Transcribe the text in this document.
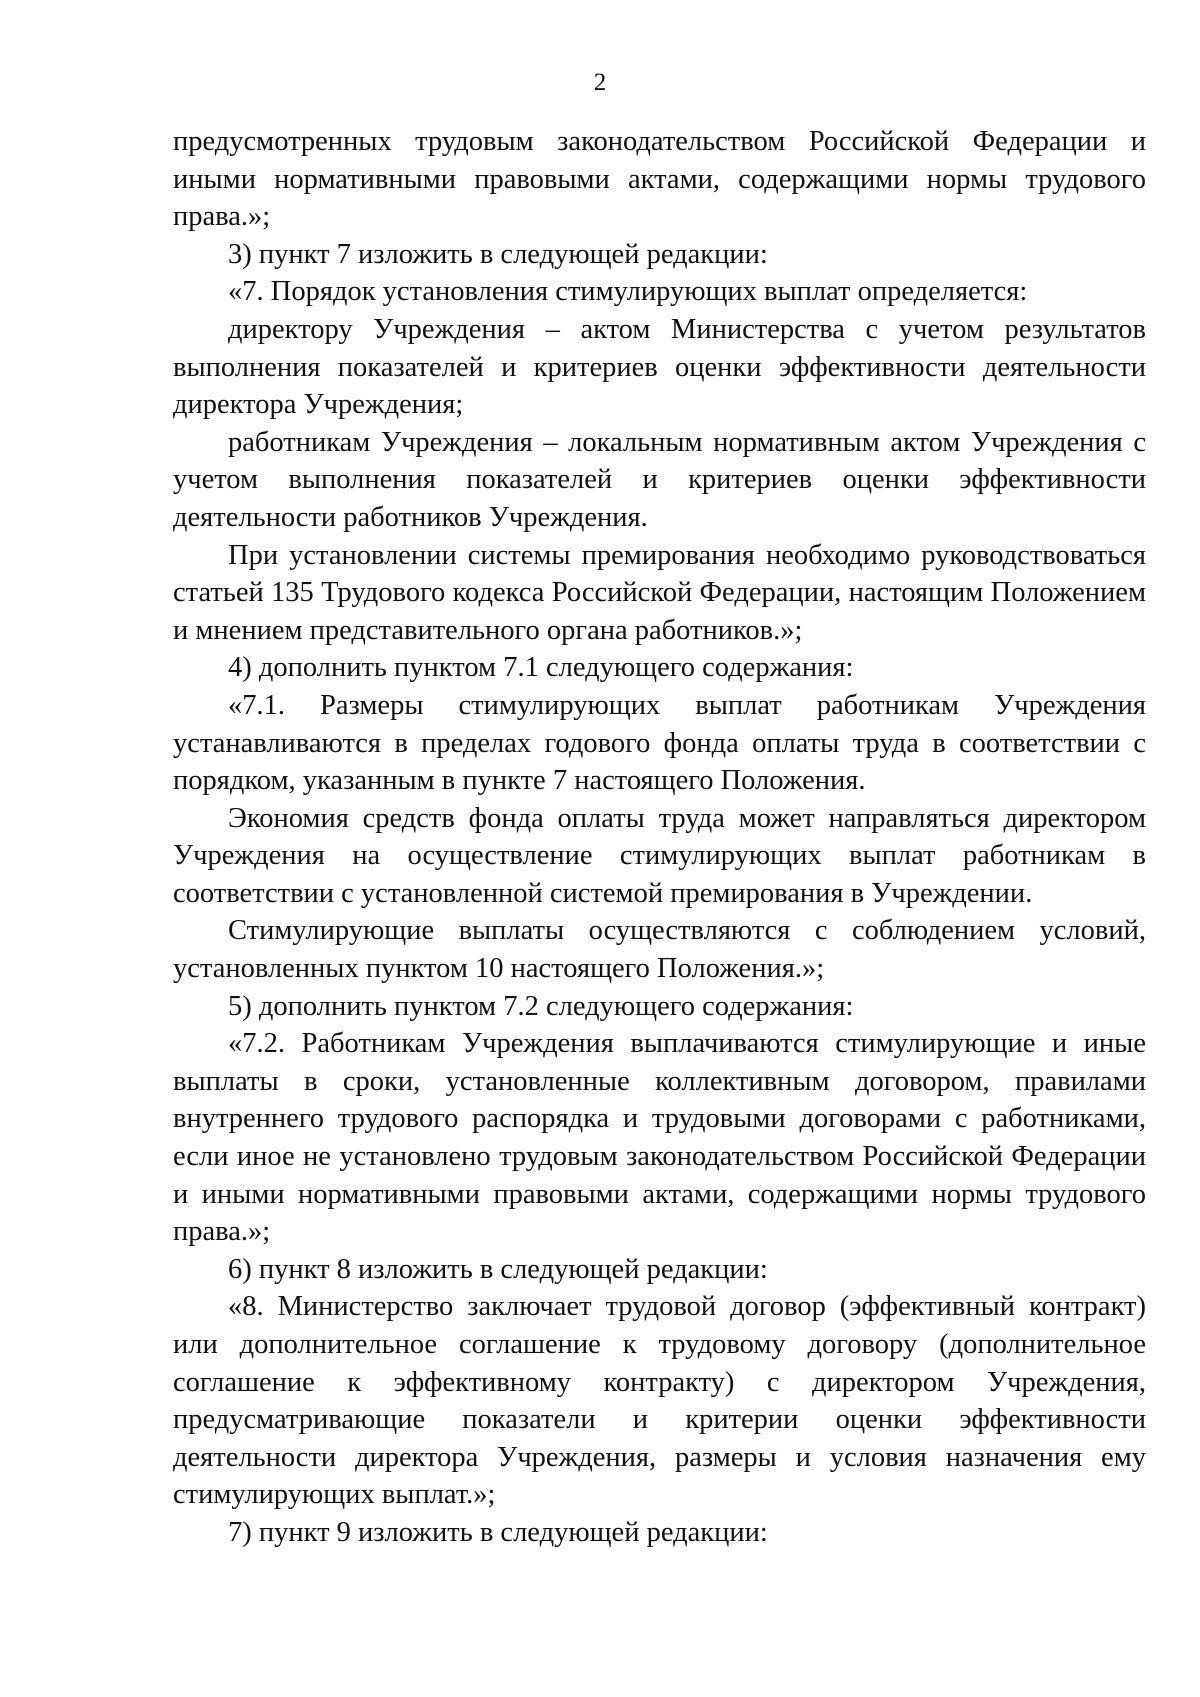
2

предусмотренных трудовым законодательством Российской Федерации и иными нормативными правовыми актами, содержащими нормы трудового права.»;

3) пункт 7 изложить в следующей редакции:

«7. Порядок установления стимулирующих выплат определяется:

директору Учреждения – актом Министерства с учетом результатов выполнения показателей и критериев оценки эффективности деятельности директора Учреждения;

работникам Учреждения – локальным нормативным актом Учреждения с учетом выполнения показателей и критериев оценки эффективности деятельности работников Учреждения.

При установлении системы премирования необходимо руководствоваться статьей 135 Трудового кодекса Российской Федерации, настоящим Положением и мнением представительного органа работников.»;

4) дополнить пунктом 7.1 следующего содержания:

«7.1. Размеры стимулирующих выплат работникам Учреждения устанавливаются в пределах годового фонда оплаты труда в соответствии с порядком, указанным в пункте 7 настоящего Положения.

Экономия средств фонда оплаты труда может направляться директором Учреждения на осуществление стимулирующих выплат работникам в соответствии с установленной системой премирования в Учреждении.

Стимулирующие выплаты осуществляются с соблюдением условий, установленных пунктом 10 настоящего Положения.»;

5) дополнить пунктом 7.2 следующего содержания:

«7.2. Работникам Учреждения выплачиваются стимулирующие и иные выплаты в сроки, установленные коллективным договором, правилами внутреннего трудового распорядка и трудовыми договорами с работниками, если иное не установлено трудовым законодательством Российской Федерации и иными нормативными правовыми актами, содержащими нормы трудового права.»;

6) пункт 8 изложить в следующей редакции:

«8. Министерство заключает трудовой договор (эффективный контракт) или дополнительное соглашение к трудовому договору (дополнительное соглашение к эффективному контракту) с директором Учреждения, предусматривающие показатели и критерии оценки эффективности деятельности директора Учреждения, размеры и условия назначения ему стимулирующих выплат.»;

7) пункт 9 изложить в следующей редакции:
